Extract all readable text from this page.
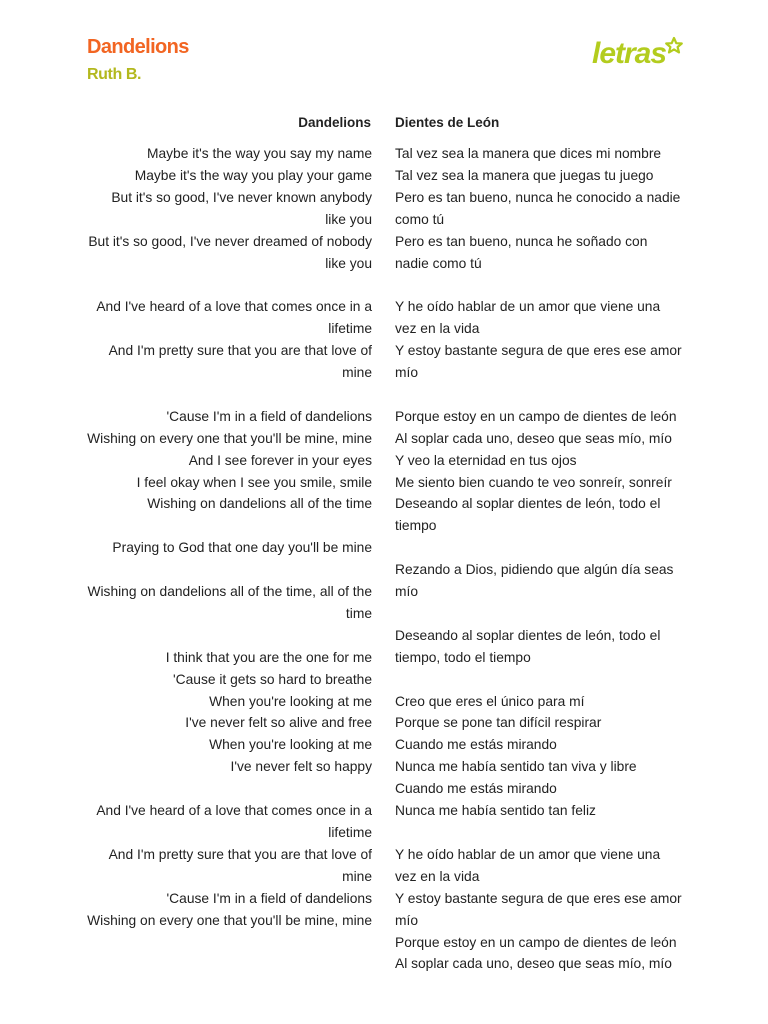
Dandelions
Ruth B.
letras
Dandelions Dientes de León
Maybe it's the way you say my name
Maybe it's the way you play your game
But it's so good, I've never known anybody like you
But it's so good, I've never dreamed of nobody like you
And I've heard of a love that comes once in a lifetime
And I'm pretty sure that you are that love of mine
'Cause I'm in a field of dandelions
Wishing on every one that you'll be mine, mine
And I see forever in your eyes
I feel okay when I see you smile, smile
Wishing on dandelions all of the time
Praying to God that one day you'll be mine
Wishing on dandelions all of the time, all of the time
I think that you are the one for me
'Cause it gets so hard to breathe
When you're looking at me
I've never felt so alive and free
When you're looking at me
I've never felt so happy
And I've heard of a love that comes once in a lifetime
And I'm pretty sure that you are that love of mine
'Cause I'm in a field of dandelions
Wishing on every one that you'll be mine, mine
Tal vez sea la manera que dices mi nombre
Tal vez sea la manera que juegas tu juego
Pero es tan bueno, nunca he conocido a nadie como tú
Pero es tan bueno, nunca he soñado con nadie como tú
Y he oído hablar de un amor que viene una vez en la vida
Y estoy bastante segura de que eres ese amor mío
Porque estoy en un campo de dientes de león
Al soplar cada uno, deseo que seas mío, mío
Y veo la eternidad en tus ojos
Me siento bien cuando te veo sonreír, sonreír
Deseando al soplar dientes de león, todo el tiempo
Rezando a Dios, pidiendo que algún día seas mío
Deseando al soplar dientes de león, todo el tiempo, todo el tiempo
Creo que eres el único para mí
Porque se pone tan difícil respirar
Cuando me estás mirando
Nunca me había sentido tan viva y libre
Cuando me estás mirando
Nunca me había sentido tan feliz
Y he oído hablar de un amor que viene una vez en la vida
Y estoy bastante segura de que eres ese amor mío
Porque estoy en un campo de dientes de león
Al soplar cada uno, deseo que seas mío, mío
